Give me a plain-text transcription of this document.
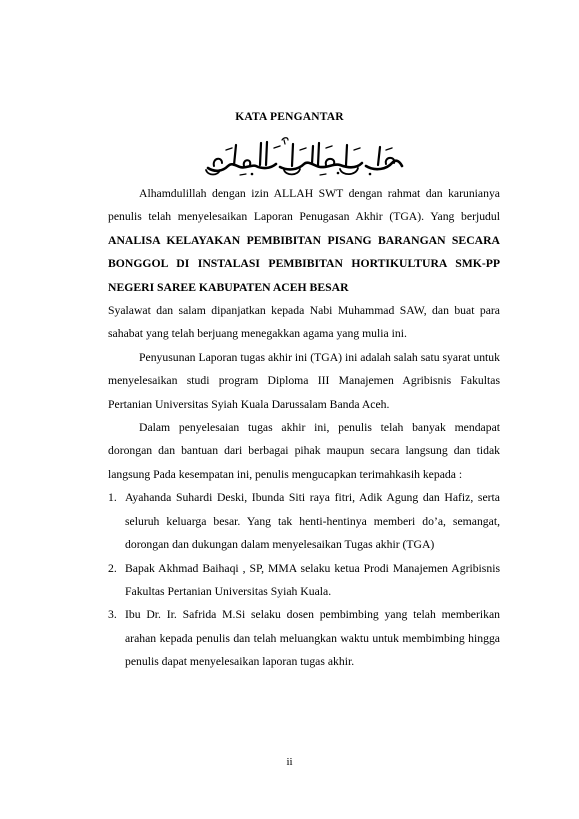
KATA PENGANTAR

Alhamdulillah dengan izin ALLAH SWT dengan rahmat dan karunianya penulis telah menyelesaikan Laporan Penugasan Akhir (TGA). Yang berjudul ANALISA KELAYAKAN PEMBIBITAN PISANG BARANGAN SECARA BONGGOL DI INSTALASI PEMBIBITAN HORTIKULTURA SMK-PP NEGERI SAREE KABUPATEN ACEH BESAR

Syalawat dan salam dipanjatkan kepada Nabi Muhammad SAW, dan buat para sahabat yang telah berjuang menegakkan agama yang mulia ini.

Penyusunan Laporan tugas akhir ini (TGA) ini adalah salah satu syarat untuk menyelesaikan studi program Diploma III Manajemen Agribisnis Fakultas Pertanian Universitas Syiah Kuala Darussalam Banda Aceh.

Dalam penyelesaian tugas akhir ini, penulis telah banyak mendapat dorongan dan bantuan dari berbagai pihak maupun secara langsung dan tidak langsung Pada kesempatan ini, penulis mengucapkan terimahkasih kepada :

1. Ayahanda Suhardi Deski, Ibunda Siti raya fitri, Adik Agung dan Hafiz, serta seluruh keluarga besar. Yang tak henti-hentinya memberi do’a, semangat, dorongan dan dukungan dalam menyelesaikan Tugas akhir (TGA)
2. Bapak Akhmad Baihaqi , SP, MMA selaku ketua Prodi Manajemen Agribisnis Fakultas Pertanian Universitas Syiah Kuala.
3. Ibu Dr. Ir. Safrida M.Si selaku dosen pembimbing yang telah memberikan arahan kepada penulis dan telah meluangkan waktu untuk membimbing hingga penulis dapat menyelesaikan laporan tugas akhir.
ii
